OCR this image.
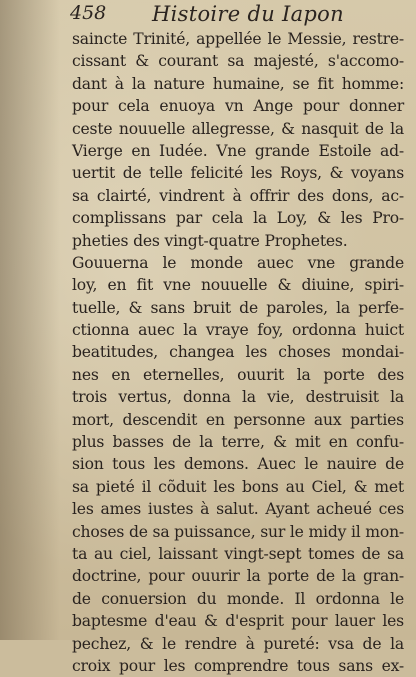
458 Histoire du Iapon
saincte Trinité, appellée le Messie, restre-
cissant & courant sa majesté, s'accomo-
dant à la nature humaine, se fit homme:
pour cela enuoya vn Ange pour donner
ceste nouuelle allegresse, & nasquit de la
Vierge en Iudée. Vne grande Estoile ad-
uertit de telle felicité les Roys, & voyans
sa clairté, vindrent à offrir des dons, ac-
complissans par cela la Loy, & les Pro-
pheties des vingt-quatre Prophetes.
Gouuerna le monde auec vne grande
loy, en fit vne nouuelle & diuine, spiri-
tuelle, & sans bruit de paroles, la perfe-
ctionna auec la vraye foy, ordonna huict
beatitudes, changea les choses mondai-
nes en eternelles, ouurit la porte des
trois vertus, donna la vie, destruisit la
mort, descendit en personne aux parties
plus basses de la terre, & mit en confu-
sion tous les demons. Auec le nauire de
sa pieté il cõduit les bons au Ciel, & met
les ames iustes à salut. Ayant acheué ces
choses de sa puissance, sur le midy il mon-
ta au ciel, laissant vingt-sept tomes de sa
doctrine, pour ouurir la porte de la gran-
de conuersion du monde. Il ordonna le
baptesme d'eau & d'esprit pour lauer les
pechez, & le rendre à pureté: vsa de la
croix pour les comprendre tous sans ex-
